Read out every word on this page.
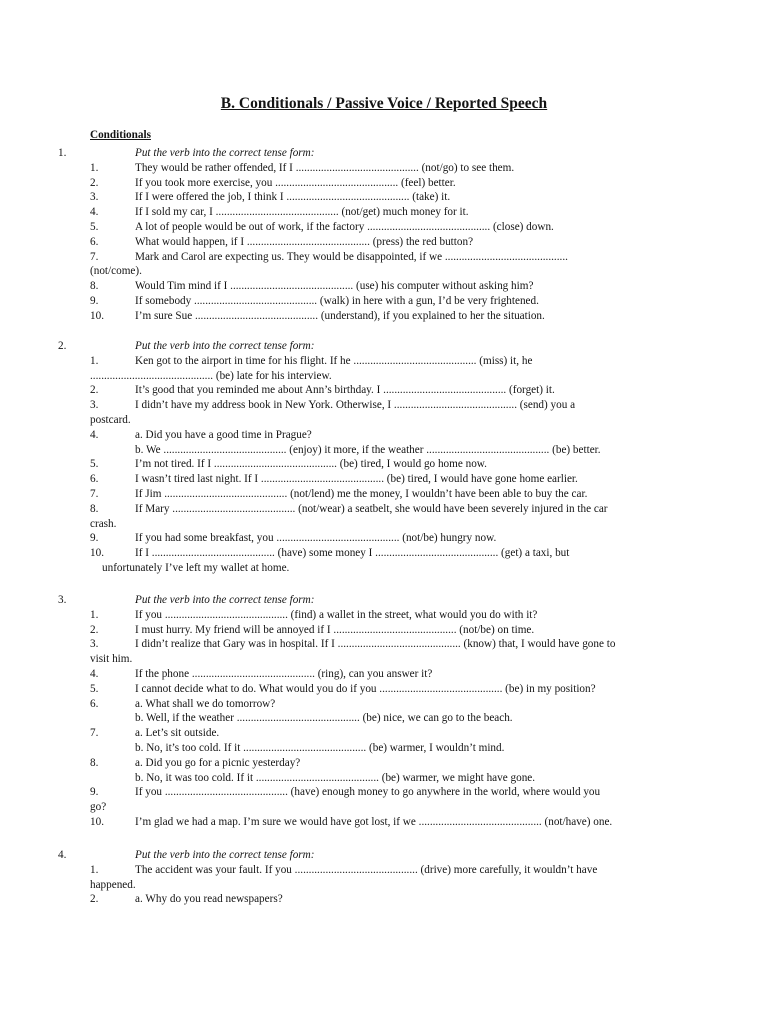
B. Conditionals / Passive Voice / Reported Speech
Conditionals
1.	Put the verb into the correct tense form:
1.	They would be rather offended, If I ............................................ (not/go) to see them.
2.	If you took more exercise, you ............................................ (feel) better.
3.	If I were offered the job, I think I ............................................ (take) it.
4.	If I sold my car, I ............................................ (not/get) much money for it.
5.	A lot of people would be out of work, if the factory ............................................ (close) down.
6.	What would happen, if I ............................................ (press) the red button?
7.	Mark and Carol are expecting us. They would be disappointed, if we ............................................
(not/come).
8.	Would Tim mind if I ............................................ (use) his computer without asking him?
9.	If somebody ............................................ (walk) in here with a gun, I’d be very frightened.
10.	I’m sure Sue ............................................ (understand), if you explained to her the situation.
2.	Put the verb into the correct tense form:
1.	Ken got to the airport in time for his flight. If he ............................................ (miss) it, he
............................................ (be) late for his interview.
2.	It’s good that you reminded me about Ann’s birthday. I ............................................ (forget) it.
3.	I didn’t have my address book in New York. Otherwise, I ............................................ (send) you a
postcard.
4.	a. Did you have a good time in Prague?
b. We ............................................ (enjoy) it more, if the weather ............................................ (be) better.
5.	I’m not tired. If I ............................................ (be) tired, I would go home now.
6.	I wasn’t tired last night. If I ............................................ (be) tired, I would have gone home earlier.
7.	If Jim ............................................ (not/lend) me the money, I wouldn’t have been able to buy the car.
8.	If Mary ............................................ (not/wear) a seatbelt, she would have been severely injured in the car
crash.
9.	If you had some breakfast, you ............................................ (not/be) hungry now.
10.	If I ............................................ (have) some money I ............................................ (get) a taxi, but
unfortunately I’ve left my wallet at home.
3.	Put the verb into the correct tense form:
1.	If you ............................................ (find) a wallet in the street, what would you do with it?
2.	I must hurry. My friend will be annoyed if I ............................................ (not/be) on time.
3.	I didn’t realize that Gary was in hospital. If I ............................................ (know) that, I would have gone to
visit him.
4.	If the phone ............................................ (ring), can you answer it?
5.	I cannot decide what to do. What would you do if you ............................................ (be) in my position?
6.	a. What shall we do tomorrow?
b. Well, if the weather ............................................ (be) nice, we can go to the beach.
7.	a. Let’s sit outside.
b. No, it’s too cold. If it ............................................ (be) warmer, I wouldn’t mind.
8.	a. Did you go for a picnic yesterday?
b. No, it was too cold. If it ............................................ (be) warmer, we might have gone.
9.	If you ............................................ (have) enough money to go anywhere in the world, where would you
go?
10.	I’m glad we had a map. I’m sure we would have got lost, if we ............................................ (not/have) one.
4.	Put the verb into the correct tense form:
1.	The accident was your fault. If you ............................................ (drive) more carefully, it wouldn’t have
happened.
2.	a. Why do you read newspapers?
